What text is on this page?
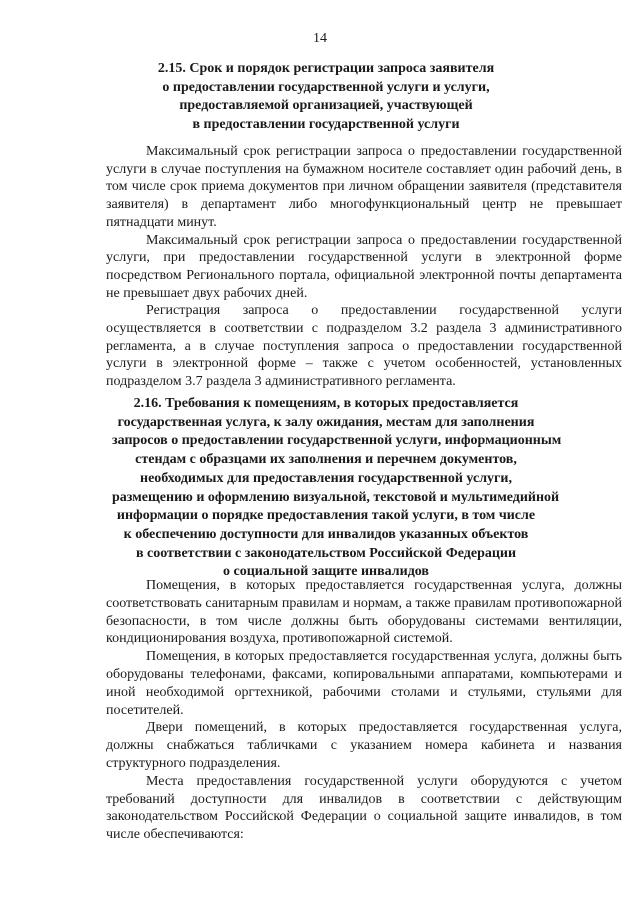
14
2.15. Срок и порядок регистрации запроса заявителя
о предоставлении государственной услуги и услуги,
предоставляемой организацией, участвующей
в предоставлении государственной услуги

Максимальный срок регистрации запроса о предоставлении государственной услуги в случае поступления на бумажном носителе составляет один рабочий день, в том числе срок приема документов при личном обращении заявителя (представителя заявителя) в департамент либо многофункциональный центр не превышает пятнадцати минут.

Максимальный срок регистрации запроса о предоставлении государственной услуги, при предоставлении государственной услуги в электронной форме посредством Регионального портала, официальной электронной почты департамента не превышает двух рабочих дней.

Регистрация запроса о предоставлении государственной услуги осуществляется в соответствии с подразделом 3.2 раздела 3 административного регламента, а в случае поступления запроса о предоставлении государственной услуги в электронной форме – также с учетом особенностей, установленных подразделом 3.7 раздела 3 административного регламента.

2.16. Требования к помещениям, в которых предоставляется
государственная услуга, к залу ожидания, местам для заполнения
запросов о предоставлении государственной услуги, информационным
стендам с образцами их заполнения и перечнем документов,
необходимых для предоставления государственной услуги,
размещению и оформлению визуальной, текстовой и мультимедийной
информации о порядке предоставления такой услуги, в том числе
к обеспечению доступности для инвалидов указанных объектов
в соответствии с законодательством Российской Федерации
о социальной защите инвалидов

Помещения, в которых предоставляется государственная услуга, должны соответствовать санитарным правилам и нормам, а также правилам противопожарной безопасности, в том числе должны быть оборудованы системами вентиляции, кондиционирования воздуха, противопожарной системой.

Помещения, в которых предоставляется государственная услуга, должны быть оборудованы телефонами, факсами, копировальными аппаратами, компьютерами и иной необходимой оргтехникой, рабочими столами и стульями, стульями для посетителей.

Двери помещений, в которых предоставляется государственная услуга, должны снабжаться табличками с указанием номера кабинета и названия структурного подразделения.

Места предоставления государственной услуги оборудуются с учетом требований доступности для инвалидов в соответствии с действующим законодательством Российской Федерации о социальной защите инвалидов, в том числе обеспечиваются:
